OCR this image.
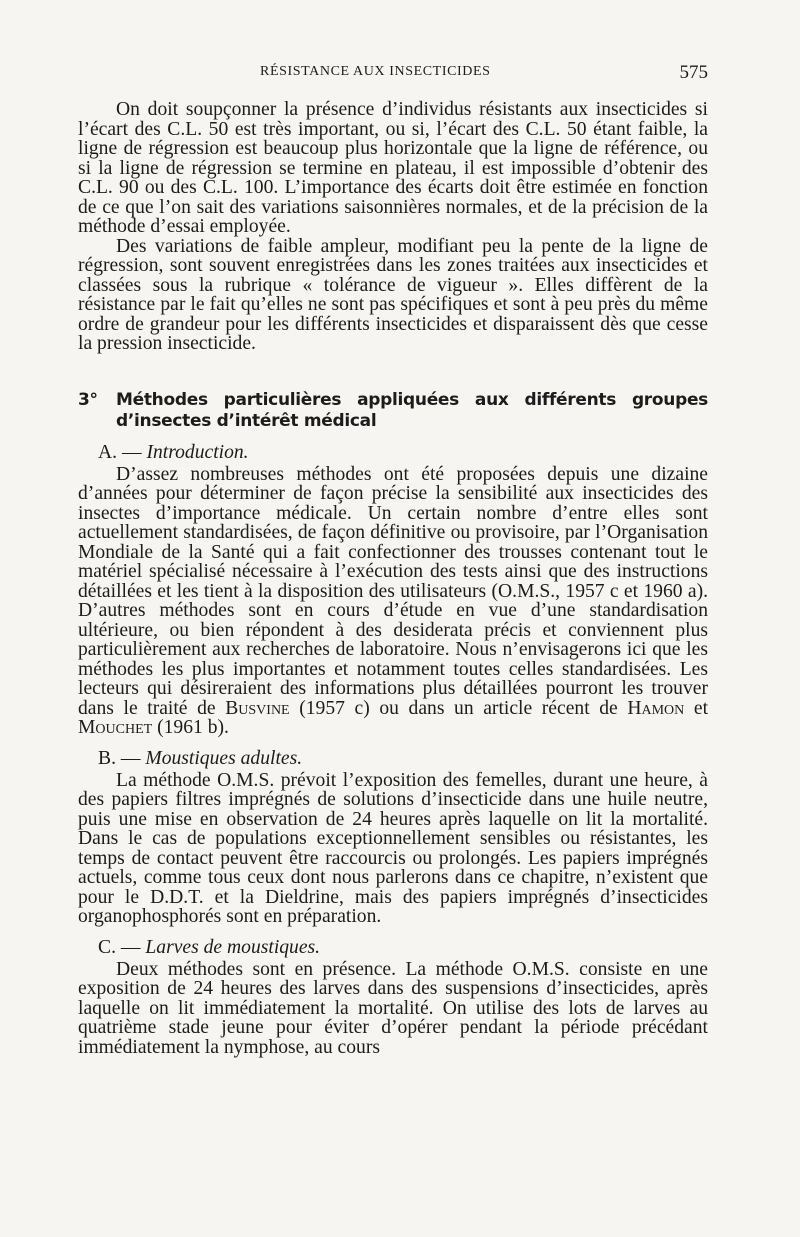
RÉSISTANCE AUX INSECTICIDES	575

On doit soupçonner la présence d’individus résistants aux insecticides si l’écart des C.L. 50 est très important, ou si, l’écart des C.L. 50 étant faible, la ligne de régression est beaucoup plus horizontale que la ligne de référence, ou si la ligne de régression se termine en plateau, il est impossible d’obtenir des C.L. 90 ou des C.L. 100. L’importance des écarts doit être estimée en fonction de ce que l’on sait des variations saisonnières normales, et de la précision de la méthode d’essai employée.

Des variations de faible ampleur, modifiant peu la pente de la ligne de régression, sont souvent enregistrées dans les zones traitées aux insecticides et classées sous la rubrique « tolérance de vigueur ». Elles diffèrent de la résistance par le fait qu’elles ne sont pas spécifiques et sont à peu près du même ordre de grandeur pour les différents insecticides et disparaissent dès que cesse la pression insecticide.

3° Méthodes particulières appliquées aux différents groupes d’insectes d’intérêt médical
A. — Introduction.

D’assez nombreuses méthodes ont été proposées depuis une dizaine d’années pour déterminer de façon précise la sensibilité aux insecticides des insectes d’importance médicale. Un certain nombre d’entre elles sont actuellement standardisées, de façon définitive ou provisoire, par l’Organisation Mondiale de la Santé qui a fait confectionner des trousses contenant tout le matériel spécialisé nécessaire à l’exécution des tests ainsi que des instructions détaillées et les tient à la disposition des utilisateurs (O.M.S., 1957 c et 1960 a). D’autres méthodes sont en cours d’étude en vue d’une standardisation ultérieure, ou bien répondent à des desiderata précis et conviennent plus particulièrement aux recherches de laboratoire. Nous n’envisagerons ici que les méthodes les plus importantes et notamment toutes celles standardisées. Les lecteurs qui désireraient des informations plus détaillées pourront les trouver dans le traité de Busvine (1957 c) ou dans un article récent de Hamon et Mouchet (1961 b).

B. — Moustiques adultes.

La méthode O.M.S. prévoit l’exposition des femelles, durant une heure, à des papiers filtres imprégnés de solutions d’insecticide dans une huile neutre, puis une mise en observation de 24 heures après laquelle on lit la mortalité. Dans le cas de populations exceptionnellement sensibles ou résistantes, les temps de contact peuvent être raccourcis ou prolongés. Les papiers imprégnés actuels, comme tous ceux dont nous parlerons dans ce chapitre, n’existent que pour le D.D.T. et la Dieldrine, mais des papiers imprégnés d’insecticides organophosphorés sont en préparation.

C. — Larves de moustiques.

Deux méthodes sont en présence. La méthode O.M.S. consiste en une exposition de 24 heures des larves dans des suspensions d’insecticides, après laquelle on lit immédiatement la mortalité. On utilise des lots de larves au quatrième stade jeune pour éviter d’opérer pendant la période précédant immédiatement la nymphose, au cours
